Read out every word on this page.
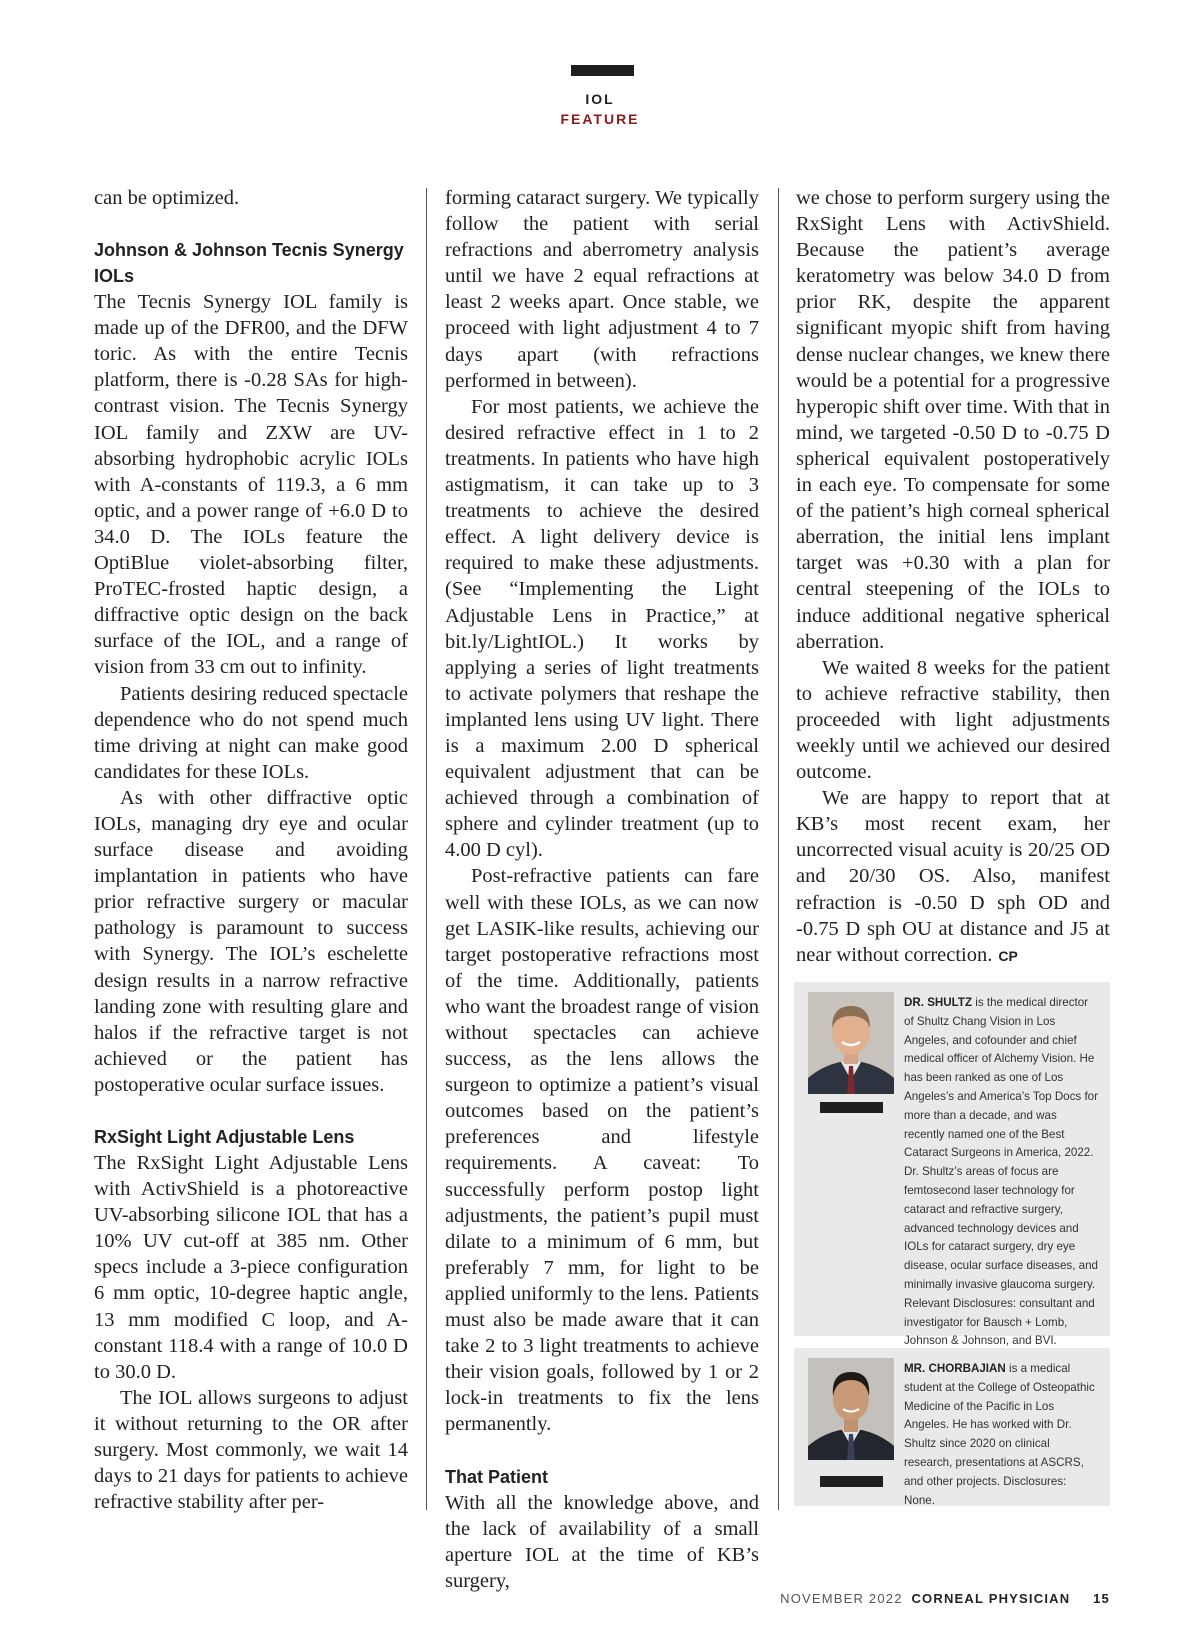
IOL
FEATURE

can be optimized.

Johnson & Johnson Tecnis Synergy IOLs

The Tecnis Synergy IOL family is made up of the DFR00, and the DFW toric. As with the entire Tecnis platform, there is -0.28 SAs for high-contrast vision. The Tecnis Synergy IOL family and ZXW are UV-absorbing hydrophobic acrylic IOLs with A-constants of 119.3, a 6 mm optic, and a power range of +6.0 D to 34.0 D. The IOLs feature the OptiBlue violet-absorbing filter, ProTEC-frosted haptic design, a diffractive optic design on the back surface of the IOL, and a range of vision from 33 cm out to infinity.

Patients desiring reduced spectacle dependence who do not spend much time driving at night can make good candidates for these IOLs.

As with other diffractive optic IOLs, managing dry eye and ocular surface disease and avoiding implantation in patients who have prior refractive surgery or macular pathology is paramount to success with Synergy. The IOL’s eschelette design results in a narrow refractive landing zone with resulting glare and halos if the refractive target is not achieved or the patient has postoperative ocular surface issues.

RxSight Light Adjustable Lens

The RxSight Light Adjustable Lens with ActivShield is a photoreactive UV-absorbing silicone IOL that has a 10% UV cut-off at 385 nm. Other specs include a 3-piece configuration 6 mm optic, 10-degree haptic angle, 13 mm modified C loop, and A-constant 118.4 with a range of 10.0 D to 30.0 D.

The IOL allows surgeons to adjust it without returning to the OR after surgery. Most commonly, we wait 14 days to 21 days for patients to achieve refractive stability after per-

forming cataract surgery. We typically follow the patient with serial refractions and aberrometry analysis until we have 2 equal refractions at least 2 weeks apart. Once stable, we proceed with light adjustment 4 to 7 days apart (with refractions performed in between).

For most patients, we achieve the desired refractive effect in 1 to 2 treatments. In patients who have high astigmatism, it can take up to 3 treatments to achieve the desired effect. A light delivery device is required to make these adjustments. (See “Implementing the Light Adjustable Lens in Practice,” at bit.ly/LightIOL.) It works by applying a series of light treatments to activate polymers that reshape the implanted lens using UV light. There is a maximum 2.00 D spherical equivalent adjustment that can be achieved through a combination of sphere and cylinder treatment (up to 4.00 D cyl).

Post-refractive patients can fare well with these IOLs, as we can now get LASIK-like results, achieving our target postoperative refractions most of the time. Additionally, patients who want the broadest range of vision without spectacles can achieve success, as the lens allows the surgeon to optimize a patient’s visual outcomes based on the patient’s preferences and lifestyle requirements. A caveat: To successfully perform postop light adjustments, the patient’s pupil must dilate to a minimum of 6 mm, but preferably 7 mm, for light to be applied uniformly to the lens. Patients must also be made aware that it can take 2 to 3 light treatments to achieve their vision goals, followed by 1 or 2 lock-in treatments to fix the lens permanently.

That Patient

With all the knowledge above, and the lack of availability of a small aperture IOL at the time of KB’s surgery,

we chose to perform surgery using the RxSight Lens with ActivShield. Because the patient’s average keratometry was below 34.0 D from prior RK, despite the apparent significant myopic shift from having dense nuclear changes, we knew there would be a potential for a progressive hyperopic shift over time. With that in mind, we targeted -0.50 D to -0.75 D spherical equivalent postoperatively in each eye. To compensate for some of the patient’s high corneal spherical aberration, the initial lens implant target was +0.30 with a plan for central steepening of the IOLs to induce additional negative spherical aberration.

We waited 8 weeks for the patient to achieve refractive stability, then proceeded with light adjustments weekly until we achieved our desired outcome.

We are happy to report that at KB’s most recent exam, her uncorrected visual acuity is 20/25 OD and 20/30 OS. Also, manifest refraction is -0.50 D sph OD and -0.75 D sph OU at distance and J5 at near without correction. CP

DR. SHULTZ is the medical director of Shultz Chang Vision in Los Angeles, and cofounder and chief medical officer of Alchemy Vision. He has been ranked as one of Los Angeles’s and America’s Top Docs for more than a decade, and was recently named one of the Best Cataract Surgeons in America, 2022. Dr. Shultz’s areas of focus are femtosecond laser technology for cataract and refractive surgery, advanced technology devices and IOLs for cataract surgery, dry eye disease, ocular surface diseases, and minimally invasive glaucoma surgery. Relevant Disclosures: consultant and investigator for Bausch + Lomb, Johnson & Johnson, and BVI.
MR. CHORBAJIAN is a medical student at the College of Osteopathic Medicine of the Pacific in Los Angeles. He has worked with Dr. Shultz since 2020 on clinical research, presentations at ASCRS, and other projects. Disclosures: None.
NOVEMBER 2022 CORNEAL PHYSICIAN 15
